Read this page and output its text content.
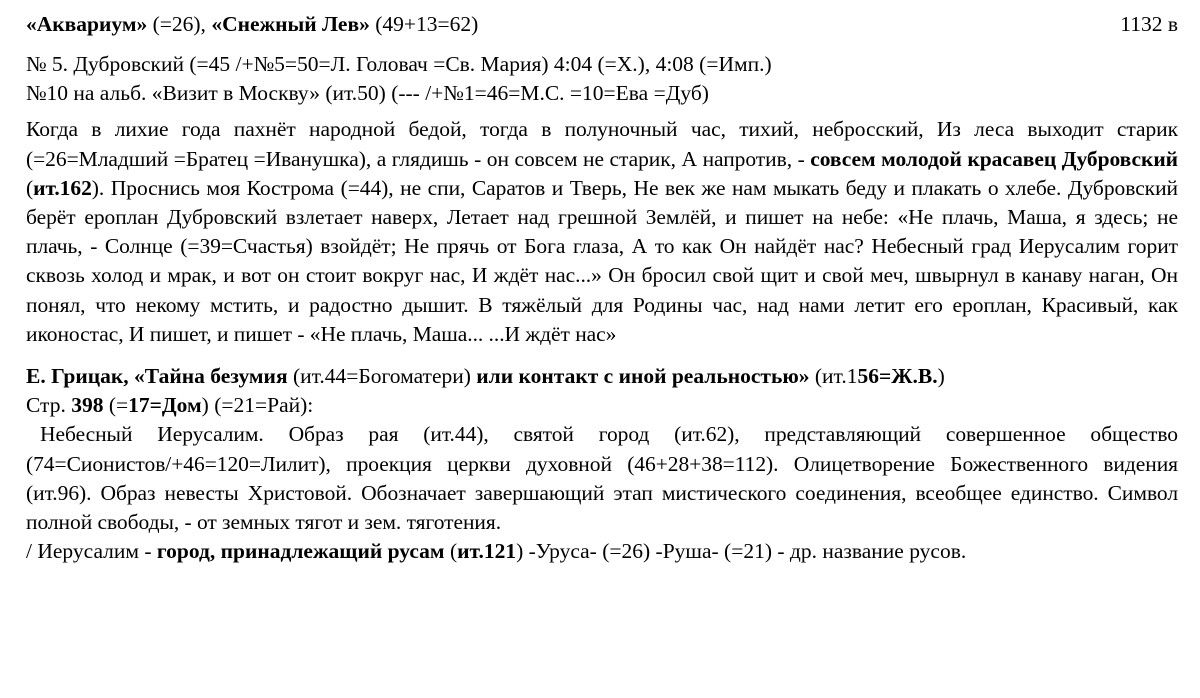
«Аквариум» (=26), «Снежный Лев» (49+13=62)	1132 в
№ 5. Дубровский (=45 /+№5=50=Л. Головач =Св. Мария) 4:04 (=Х.), 4:08 (=Имп.)
№10 на альб. «Визит в Москву» (ит.50) (--- /+№1=46=М.С. =10=Ева =Дуб)
Когда в лихие года пахнёт народной бедой, тогда в полуночный час, тихий, небросский, Из леса выходит старик (=26=Младший =Братец =Иванушка), а глядишь - он совсем не старик, А напротив, - совсем молодой красавец Дубровский (ит.162). Проснись моя Кострома (=44), не спи, Саратов и Тверь, Не век же нам мыкать беду и плакать о хлебе. Дубровский берёт ероплан Дубровский взлетает наверх, Летает над грешной Землёй, и пишет на небе: «Не плачь, Маша, я здесь; не плачь, - Солнце (=39=Счастья) взойдёт; Не прячь от Бога глаза, А то как Он найдёт нас? Небесный град Иерусалим горит сквозь холод и мрак, и вот он стоит вокруг нас, И ждёт нас...» Он бросил свой щит и свой меч, швырнул в канаву наган, Он понял, что некому мстить, и радостно дышит. В тяжёлый для Родины час, над нами летит его ероплан, Красивый, как иконостас, И пишет, и пишет - «Не плачь, Маша... ...И ждёт нас»
Е. Грицак, «Тайна безумия (ит.44=Богоматери) или контакт с иной реальностью» (ит.156=Ж.В.)
Стр. 398 (=17=Дом) (=21=Рай):
Небесный Иерусалим. Образ рая (ит.44), святой город (ит.62), представляющий совершенное общество (74=Сионистов/+46=120=Лилит), проекция церкви духовной (46+28+38=112). Олицетворение Божественного видения (ит.96). Образ невесты Христовой. Обозначает завершающий этап мистического соединения, всеобщее единство. Символ полной свободы, - от земных тягот и зем. тяготения.
/ Иерусалим - город, принадлежащий русам (ит.121) -Уруса- (=26) -Руша- (=21) - др. название русов.
